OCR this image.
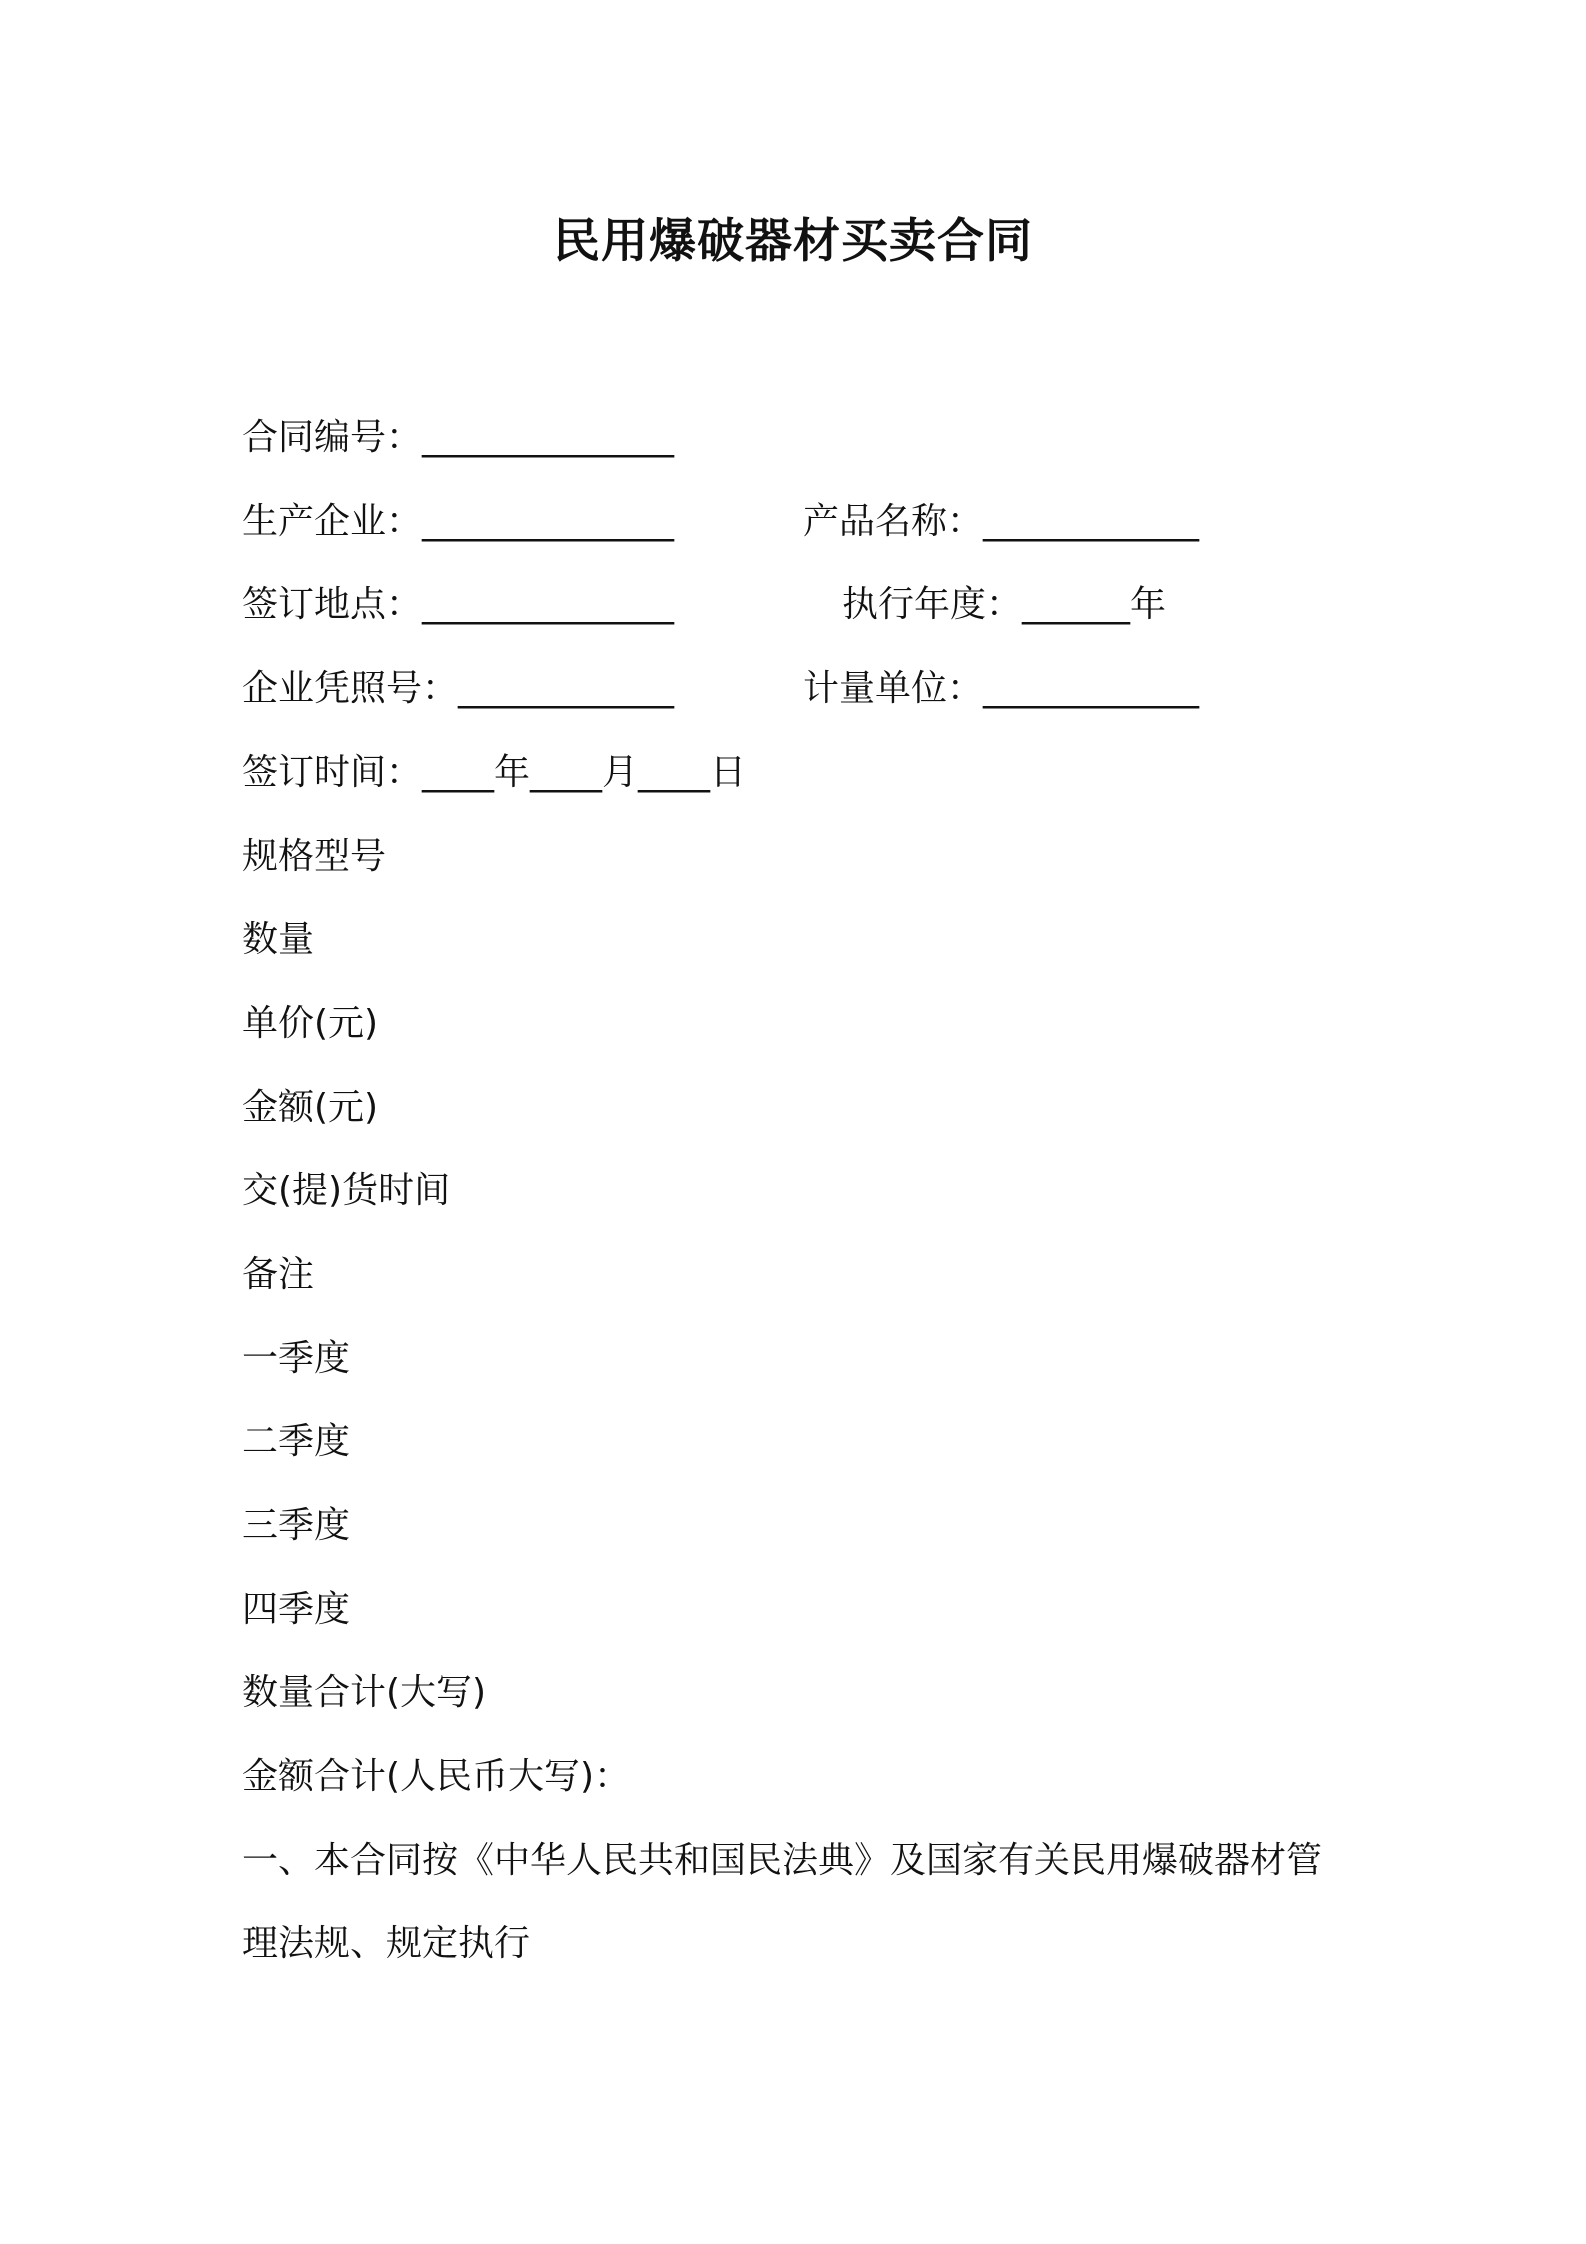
民用爆破器材买卖合同
合同编号：______________
生产企业：______________	产品名称：____________
签订地点：______________	执行年度：______年
企业凭照号：____________	计量单位：____________
签订时间：____年____月____日
规格型号
数量
单价(元)
金额(元)
交(提)货时间
备注
一季度
二季度
三季度
四季度
数量合计(大写)
金额合计(人民币大写)：
一、本合同按《中华人民共和国民法典》及国家有关民用爆破器材管
理法规、规定执行
